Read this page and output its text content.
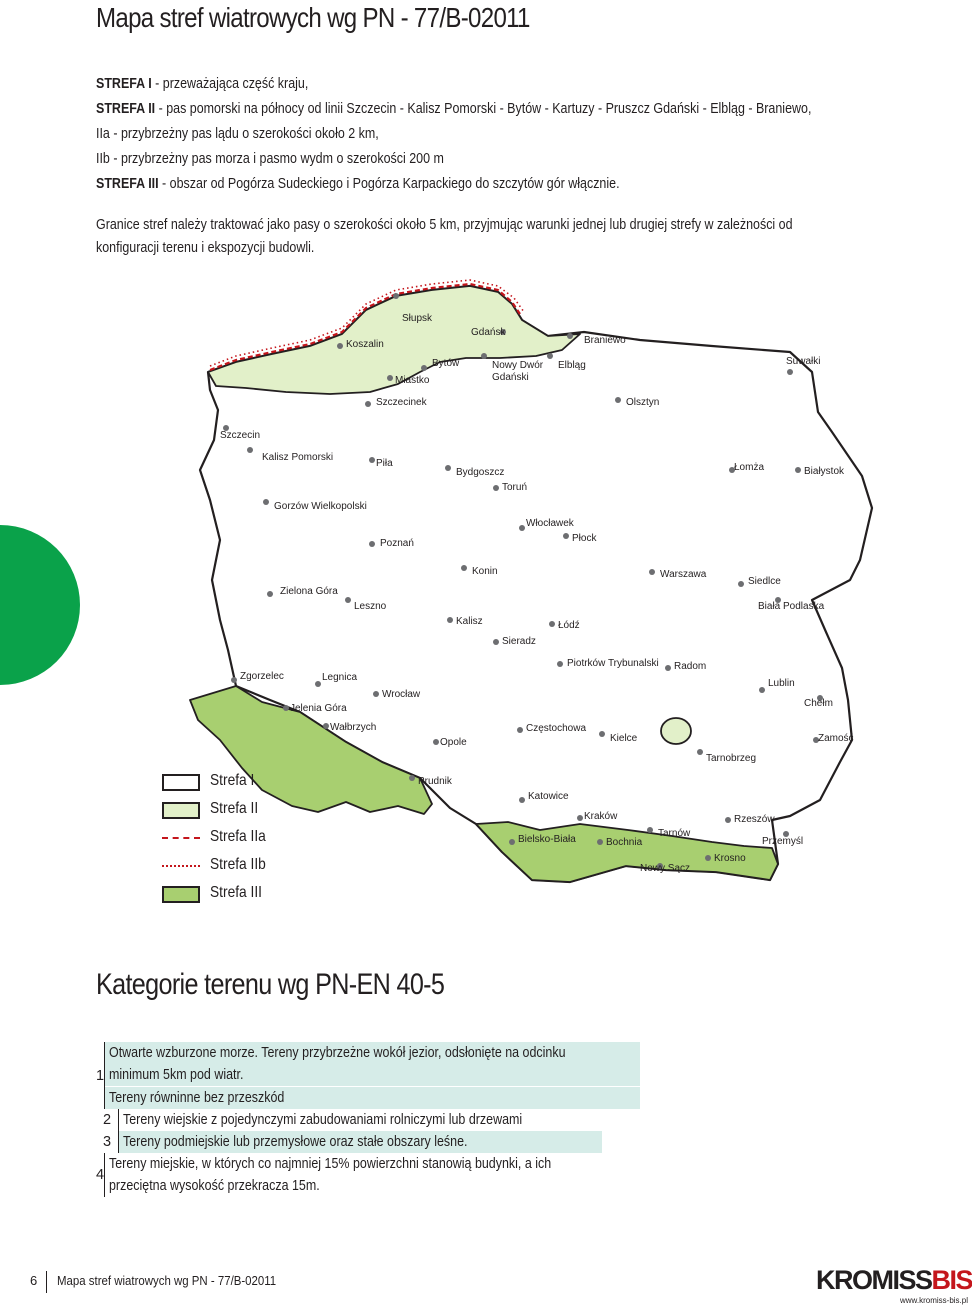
Mapa stref wiatrowych wg PN - 77/B-02011
STREFA I - przeważająca część kraju,
STREFA II - pas pomorski na północy od linii Szczecin - Kalisz Pomorski - Bytów - Kartuzy - Pruszcz Gdański - Elbląg - Braniewo,
IIa - przybrzeżny pas lądu o szerokości około 2 km,
IIb - przybrzeżny pas morza i pasmo wydm o szerokości 200 m
STREFA III - obszar od Pogórza Sudeckiego i Pogórza Karpackiego do szczytów gór włącznie.
Granice stref należy traktować jako pasy o szerokości około 5 km, przyjmując warunki jednej lub drugiej strefy w zależności od konfiguracji terenu i ekspozycji budowli.
Słupsk
Koszalin
Gdańsk
Braniewo
Bytów	Nowy Dwór
Gdański
Elbląg
Miastko
Suwałki
Szczecinek	Olsztyn
Szczecin
Kalisz Pomorski
Piła
Bydgoszcz	Łomża	Białystok
Toruń
Gorzów Wielkopolski
Włocławek
Płock
Poznań
Konin	Warszawa
Siedlce
Zielona Góra
Leszno	Biała Podlaska
Kalisz	Łódź
Sieradz
Piotrków Trybunalski Radom
Zgorzelec	Legnica
Lublin
Wrocław
Jelenia Góra	Chełm
Wałbrzych	Częstochowa
Kielce
Opole	Zamość
Tarnobrzeg
Prudnik
Katowice
Kraków	Rzeszów
Tarnów
Bielsko-Biała	Bochnia	Przemyśl
Krosno
Nowy Sącz
Strefa I
Strefa II
Strefa IIa
Strefa IIb
Strefa III
Kategorie terenu wg PN-EN 40-5
1
Otwarte wzburzone morze. Tereny przybrzeżne wokół jezior, odsłonięte na odcinku
minimum 5km pod wiatr.
Tereny równinne bez przeszkód
2 Tereny wiejskie z pojedynczymi zabudowaniami rolniczymi lub drzewami
3 Tereny podmiejskie lub przemysłowe oraz stałe obszary leśne.
4
Tereny miejskie, w których co najmniej 15% powierzchni stanowią budynki, a ich
przeciętna wysokość przekracza 15m.
6 Mapa stref wiatrowych wg PN - 77/B-02011	KROMISSBIS
www.kromiss-bis.pl
